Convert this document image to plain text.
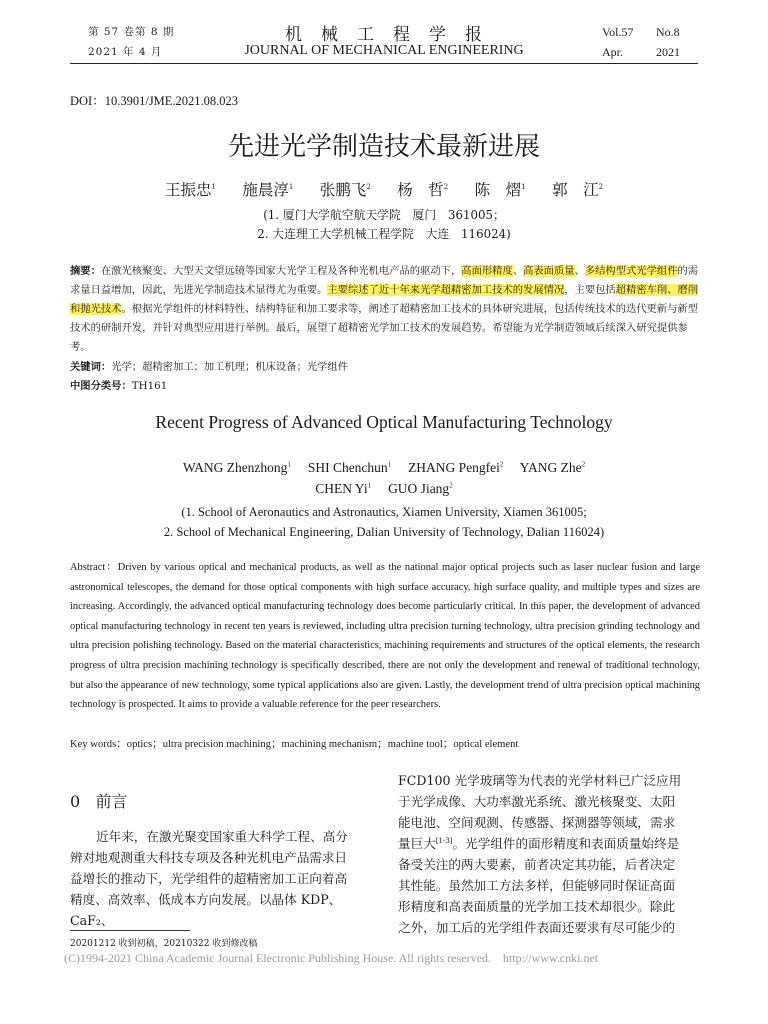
第 57 卷第 8 期
2021 年 4 月
机　械　工　程　学　报
JOURNAL OF MECHANICAL ENGINEERING
Vol.57 No.8
Apr.	2021
DOI：10.3901/JME.2021.08.023
先进光学制造技术最新进展
王振忠$^1$　 施晨淳$^1$　 张鹏飞$^2$　 杨　哲$^2$　 陈　熠$^1$　 郭　江$^2$
(1. 厦门大学航空航天学院　厦门　361005；
2. 大连理工大学机械工程学院　大连　116024)
摘要：在激光核聚变、大型天文望远镜等国家大光学工程及各种光机电产品的驱动下，高面形精度、高表面质量、多结构型式光学组件的需求量日益增加，因此，先进光学制造技术显得尤为重要。主要综述了近十年来光学超精密加工技术的发展情况，主要包括超精密车削、磨削和抛光技术。根据光学组件的材料特性、结构特征和加工要求等，阐述了超精密加工技术的具体研究进展，包括传统技术的迭代更新与新型技术的研制开发，并针对典型应用进行举例。最后，展望了超精密光学加工技术的发展趋势。希望能为光学制造领域后续深入研究提供参考。
关键词：光学；超精密加工；加工机理；机床设备；光学组件
中图分类号：TH161
Recent Progress of Advanced Optical Manufacturing Technology
WANG Zhenzhong$^1$ SHI Chenchun$^1$ ZHANG Pengfei$^2$ YANG Zhe$^2$
CHEN Yi$^1$ GUO Jiang$^2$
(1. School of Aeronautics and Astronautics, Xiamen University, Xiamen 361005;
2. School of Mechanical Engineering, Dalian University of Technology, Dalian 116024)
Abstract：Driven by various optical and mechanical products, as well as the national major optical projects such as laser nuclear fusion and large astronomical telescopes, the demand for those optical components with high surface accuracy, high surface quality, and multiple types and sizes are increasing. Accordingly, the advanced optical manufacturing technology does become particularly critical. In this paper, the development of advanced optical manufacturing technology in recent ten years is reviewed, including ultra precision turning technology, ultra precision grinding technology and ultra precision polishing technology. Based on the material characteristics, machining requirements and structures of the optical elements, the research progress of ultra precision machining technology is specifically described, there are not only the development and renewal of traditional technology, but also the appearance of new technology, some typical applications also are given. Lastly, the development trend of ultra precision optical machining technology is prospected. It aims to provide a valuable reference for the peer researchers.
Key words：optics；ultra precision machining；machining mechanism；machine tool；optical element
0 前言
近年来，在激光聚变国家重大科学工程、高分
辨对地观测重大科技专项及各种光机电产品需求日
益增长的推动下，光学组件的超精密加工正向着高
精度、高效率、低成本方向发展。以晶体 KDP、CaF₂、
FCD100 光学玻璃等为代表的光学材料已广泛应用
于光学成像、大功率激光系统、激光核聚变、太阳
能电池、空间观测、传感器、探测器等领域，需求
量巨大[1-3]。光学组件的面形精度和表面质量始终是
备受关注的两大要素，前者决定其功能，后者决定
其性能。虽然加工方法多样，但能够同时保证高面
形精度和高表面质量的光学加工技术却很少。除此
之外，加工后的光学组件表面还要求有尽可能少的
20201212 收到初稿，20210322 收到修改稿
(C)1994-2021 China Academic Journal Electronic Publishing House. All rights reserved.    http://www.cnki.net
